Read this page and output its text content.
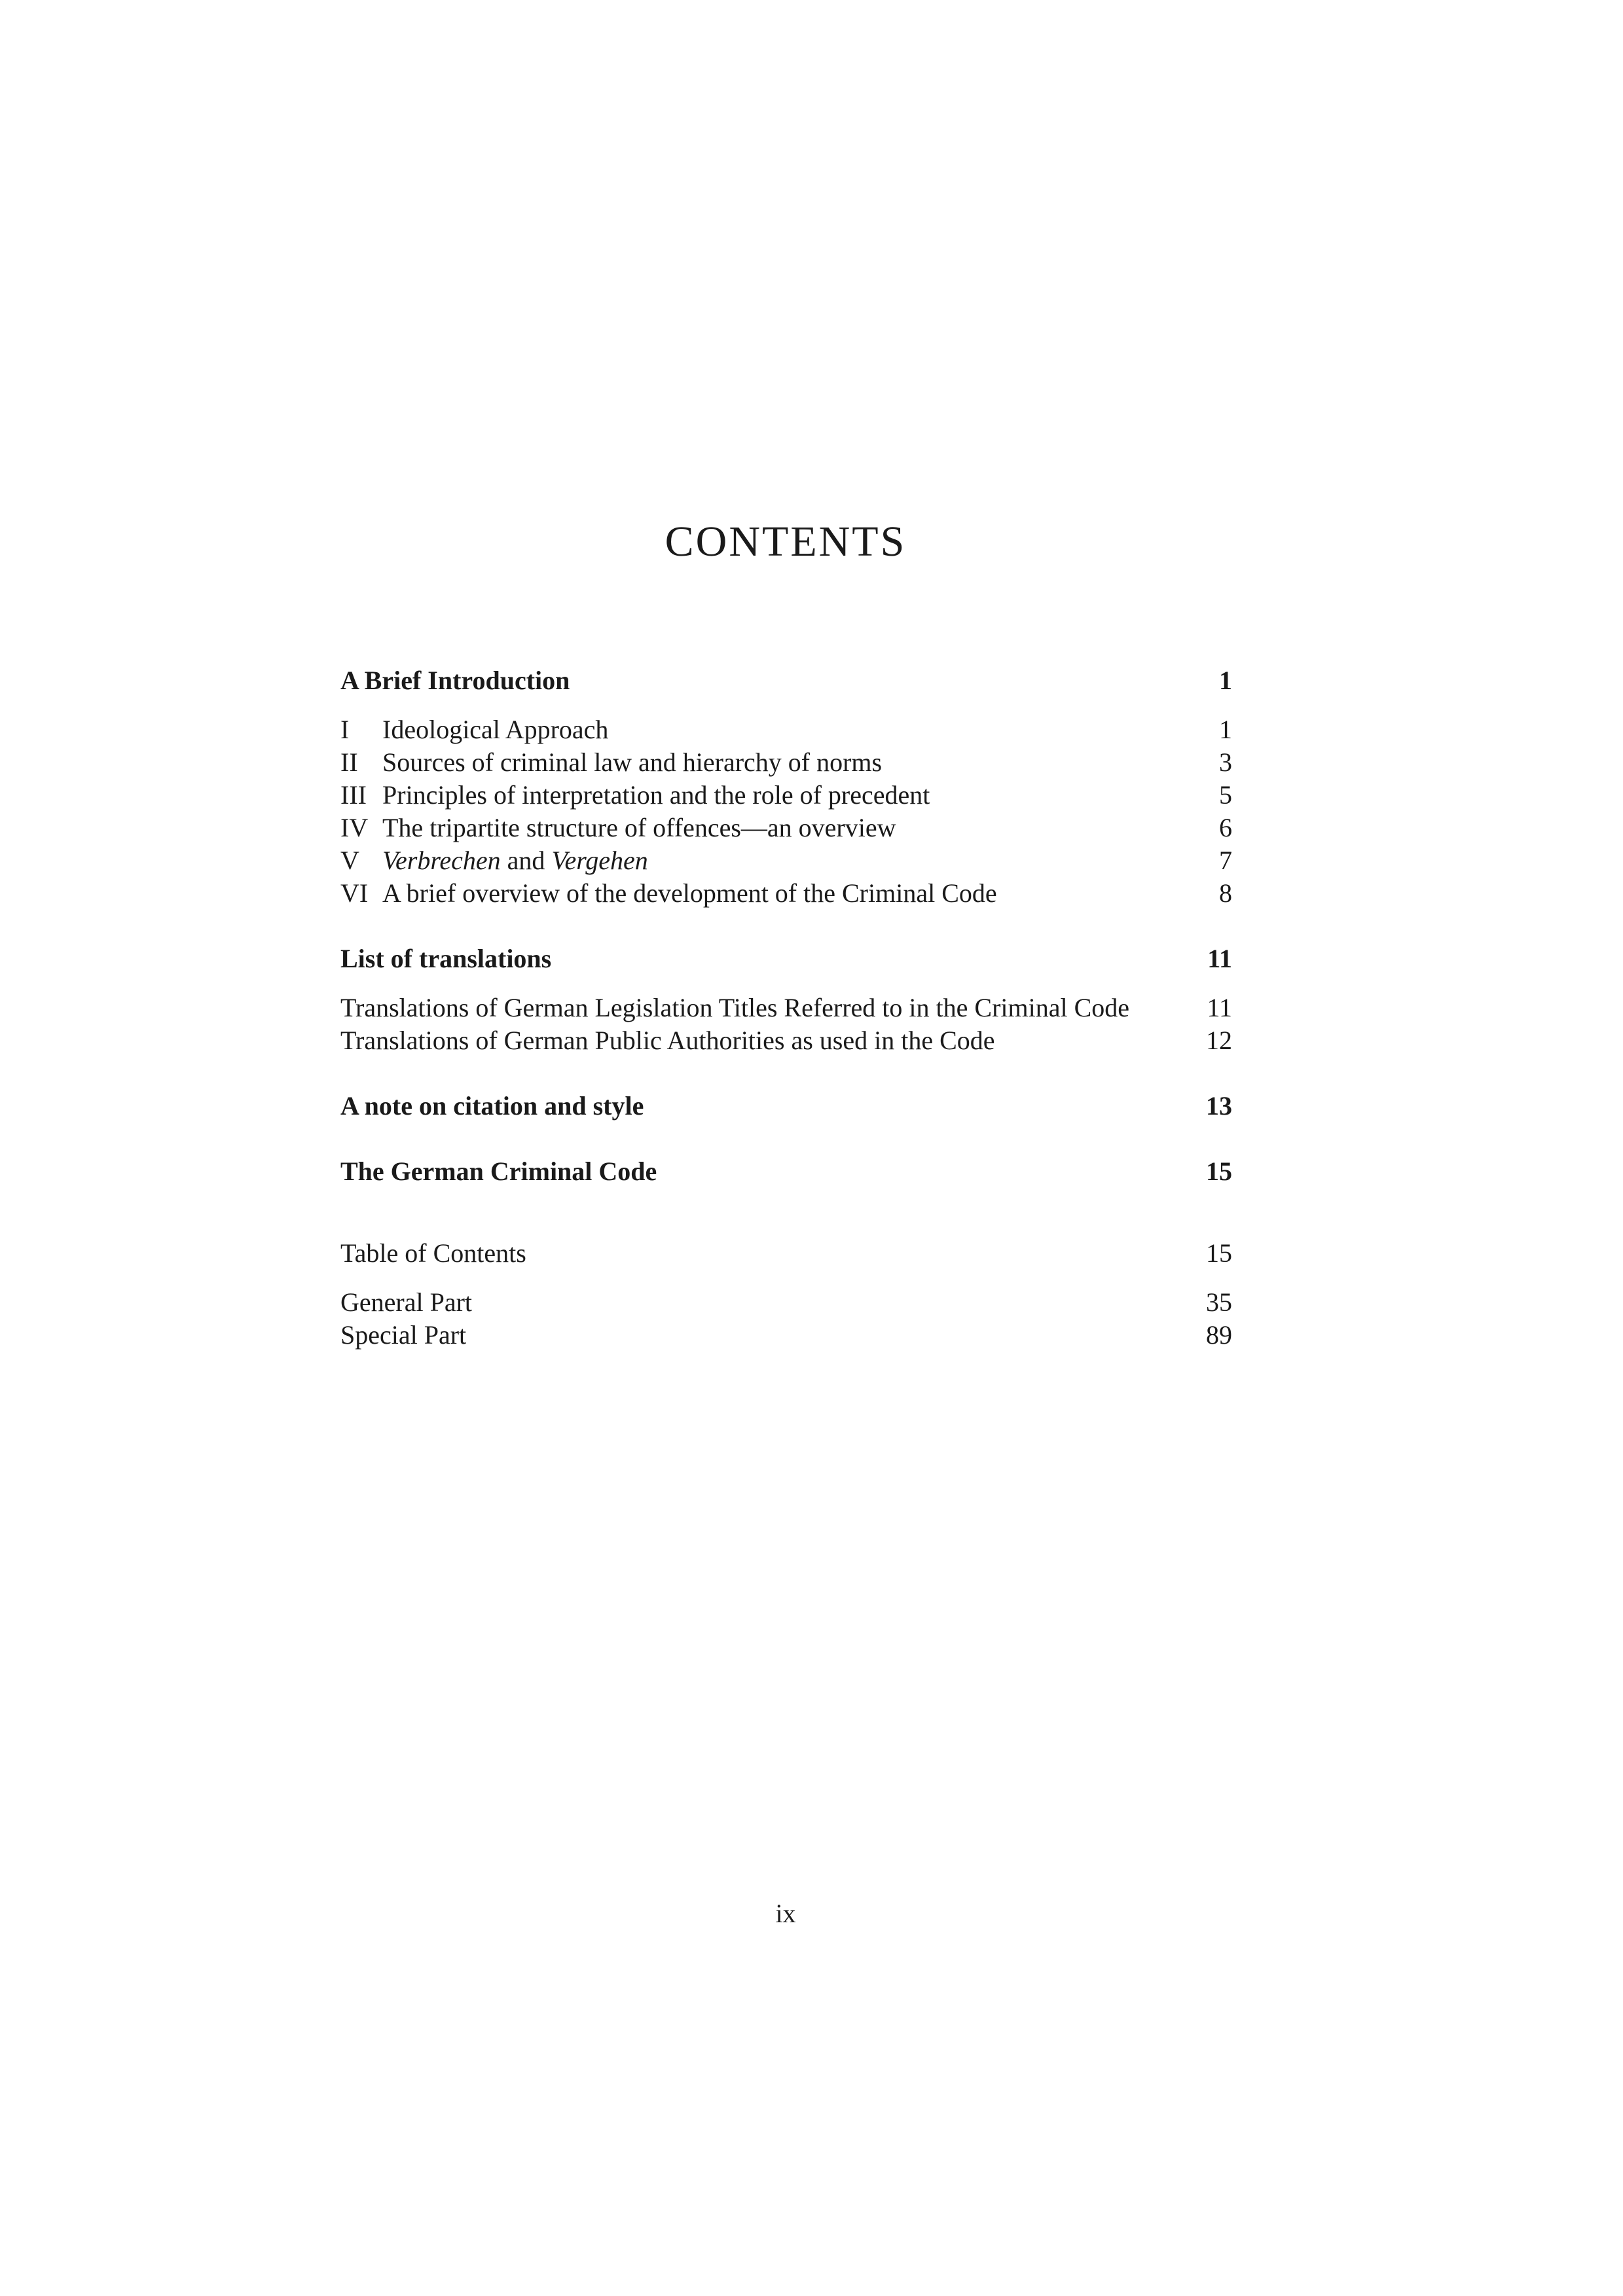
CONTENTS
A Brief Introduction	1
I	Ideological Approach	1
II Sources of criminal law and hierarchy of norms	3
III Principles of interpretation and the role of precedent	5
IV The tripartite structure of offences—an overview	6
V Verbrechen and Vergehen	7
VI A brief overview of the development of the Criminal Code	8
List of translations	11
Translations of German Legislation Titles Referred to in the Criminal Code	11
Translations of German Public Authorities as used in the Code	12
A note on citation and style	13
The German Criminal Code	15
Table of Contents	15
General Part	35
Special Part	89
ix
